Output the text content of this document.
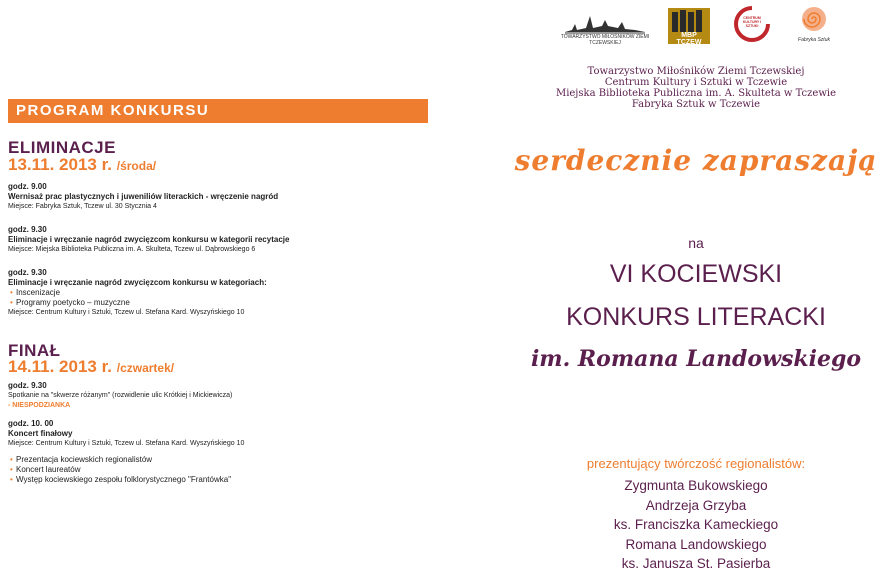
PROGRAM KONKURSU
ELIMINACJE
13.11. 2013 r. /środa/
godz. 9.00
Wernisaż prac plastycznych i juweniliów literackich - wręczenie nagród
Miejsce: Fabryka Sztuk, Tczew ul. 30 Stycznia 4
godz. 9.30
Eliminacje i wręczanie nagród zwycięzcom konkursu w kategorii recytacje
Miejsce: Miejska Biblioteka Publiczna im. A. Skulteta, Tczew ul. Dąbrowskiego 6
godz. 9.30
Eliminacje i wręczanie nagród zwycięzcom konkursu w kategoriach:
• Inscenizacje
• Programy poetycko – muzyczne
Miejsce: Centrum Kultury i Sztuki, Tczew ul. Stefana Kard. Wyszyńskiego 10
FINAŁ
14.11. 2013 r. /czwartek/
godz. 9.30
Spotkanie na "skwerze różanym" (rozwidlenie ulic Krótkiej i Mickiewicza)
- NIESPODZIANKA
godz. 10. 00
Koncert finałowy
Miejsce: Centrum Kultury i Sztuki, Tczew ul. Stefana Kard. Wyszyńskiego 10
• Prezentacja kociewskich regionalistów
• Koncert laureatów
• Występ kociewskiego zespołu folklorystycznego "Frantówka"
TOWARZYSTWO MIŁOŚNIKÓW ZIEMI TCZEWSKIEJ
MBP TCZEW
CENTRUM KULTURY I SZTUKI
Fabryka Sztuk
Towarzystwo Miłośników Ziemi Tczewskiej
Centrum Kultury i Sztuki w Tczewie
Miejska Biblioteka Publiczna im. A. Skulteta w Tczewie
Fabryka Sztuk w Tczewie
serdecznie zapraszają
na
VI KOCIEWSKI
KONKURS LITERACKI
im. Romana Landowskiego
prezentujący twórczość regionalistów:
Zygmunta Bukowskiego
Andrzeja Grzyba
ks. Franciszka Kameckiego
Romana Landowskiego
ks. Janusza St. Pasierba
